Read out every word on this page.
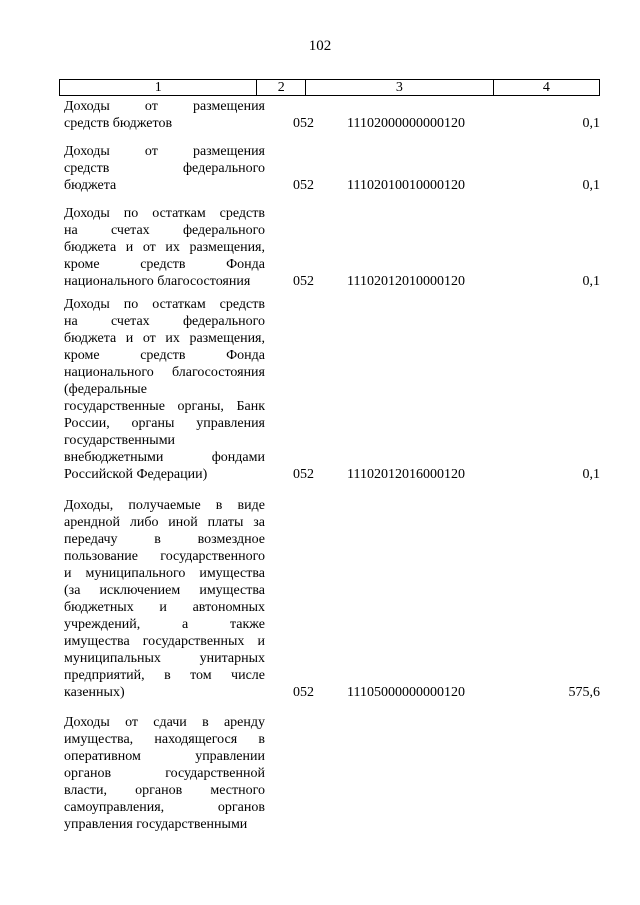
102
1	2	3	4
Доходы от размещения
средств бюджетов	052 11102000000000120	0,1
Доходы от размещения
средств федерального
бюджета	052 11102010010000120	0,1
Доходы по остаткам средств
на счетах федерального
бюджета и от их размещения,
кроме средств Фонда
национального благосостояния	052 11102012010000120	0,1
Доходы по остаткам средств
на счетах федерального
бюджета и от их размещения,
кроме средств Фонда
национального благосостояния
(федеральные
государственные органы, Банк
России, органы управления
государственными
внебюджетными фондами
Российской Федерации)	052 11102012016000120	0,1
Доходы, получаемые в виде
арендной либо иной платы за
передачу в возмездное
пользование государственного
и муниципального имущества
(за исключением имущества
бюджетных и автономных
учреждений, а также
имущества государственных и
муниципальных унитарных
предприятий, в том числе
казенных)	052 11105000000000120	575,6
Доходы от сдачи в аренду
имущества, находящегося в
оперативном управлении
органов государственной
власти, органов местного
самоуправления, органов
управления государственными
